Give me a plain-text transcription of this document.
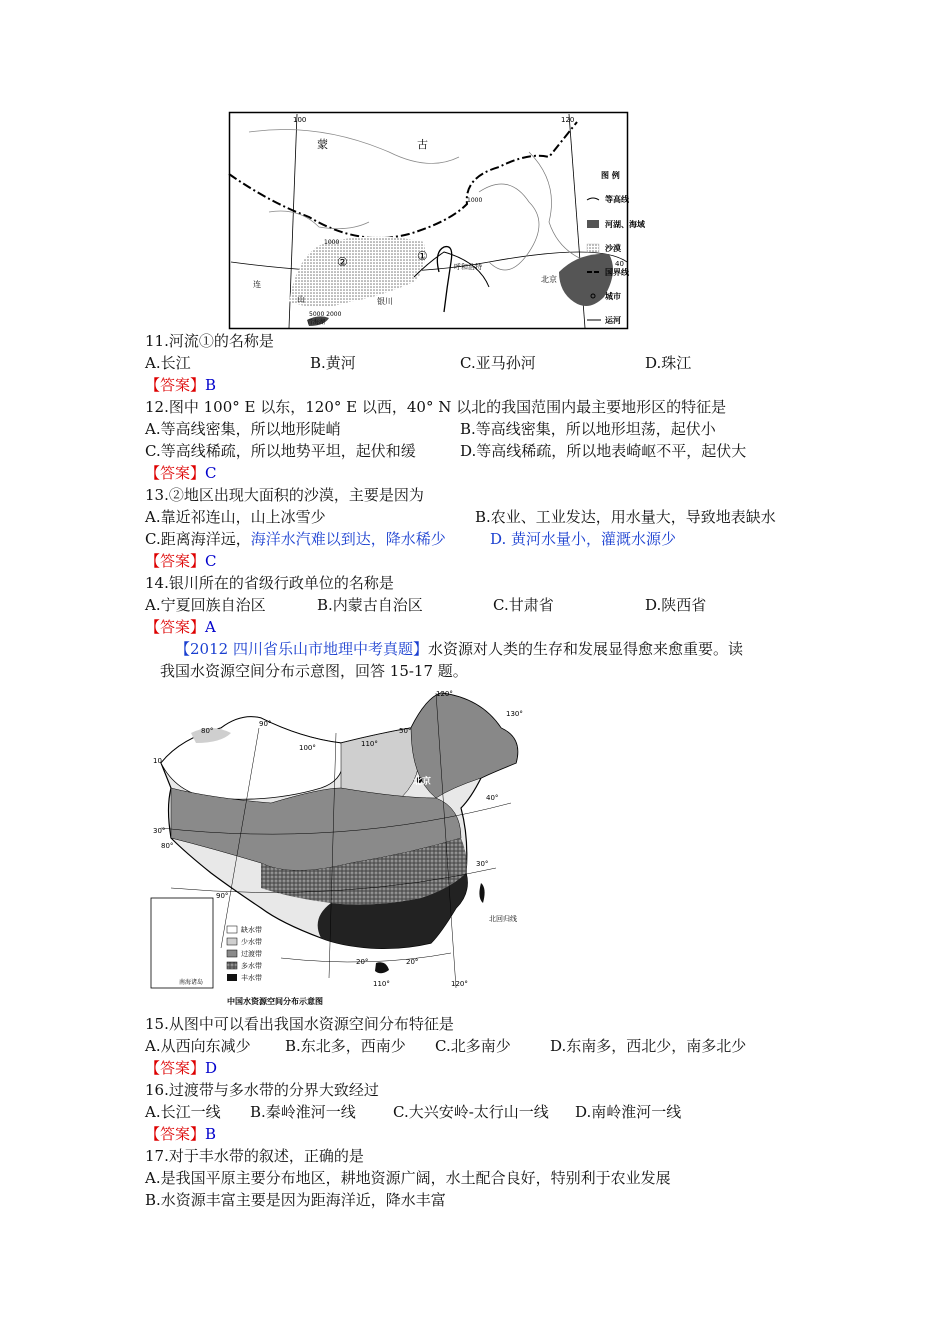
蒙	古
①
②	呼和浩特
北京
银川
连
山
青海湖
100	120
40
1000
1000
5000 2000
图 例
等高线
河湖、海域
沙漠
国界线
城市
运河
11.河流①的名称是
A.长江	B.黄河	C.亚马孙河	D.珠江
【答案】B
12.图中 100° E 以东，120° E 以西，40° N 以北的我国范围内最主要地形区的特征是
A.等高线密集，所以地形陡峭	B.等高线密集，所以地形坦荡，起伏小
C.等高线稀疏，所以地势平坦，起伏和缓	D.等高线稀疏，所以地表崎岖不平，起伏大
【答案】C
13.②地区出现大面积的沙漠，主要是因为
A.靠近祁连山，山上冰雪少	B.农业、工业发达，用水量大，导致地表缺水
C.距离海洋远，海洋水汽难以到达，降水稀少	D. 黄河水量小，灌溉水源少
【答案】C
14.银川所在的省级行政单位的名称是
A.宁夏回族自治区	B.内蒙古自治区	C.甘肃省	D.陕西省
【答案】A
【2012 四川省乐山市地理中考真题】水资源对人类的生存和发展显得愈来愈重要。读
我国水资源空间分布示意图，回答 15-17 题。
120°
130°
90°
80°
100°	110°
50°
40°
30°
30°
80°
90°
20°	20°
110°	120°
10
北京
北回归线
南海诸岛
缺水带
少水带
过渡带
多水带
丰水带
中国水资源空间分布示意图
15.从图中可以看出我国水资源空间分布特征是
A.从西向东减少 B.东北多，西南少 C.北多南少	D.东南多，西北少，南多北少
【答案】D
16.过渡带与多水带的分界大致经过
A.长江一线 B.秦岭淮河一线 C.大兴安岭-太行山一线 D.南岭淮河一线
【答案】B
17.对于丰水带的叙述，正确的是
A.是我国平原主要分布地区，耕地资源广阔，水土配合良好，特别利于农业发展
B.水资源丰富主要是因为距海洋近，降水丰富
